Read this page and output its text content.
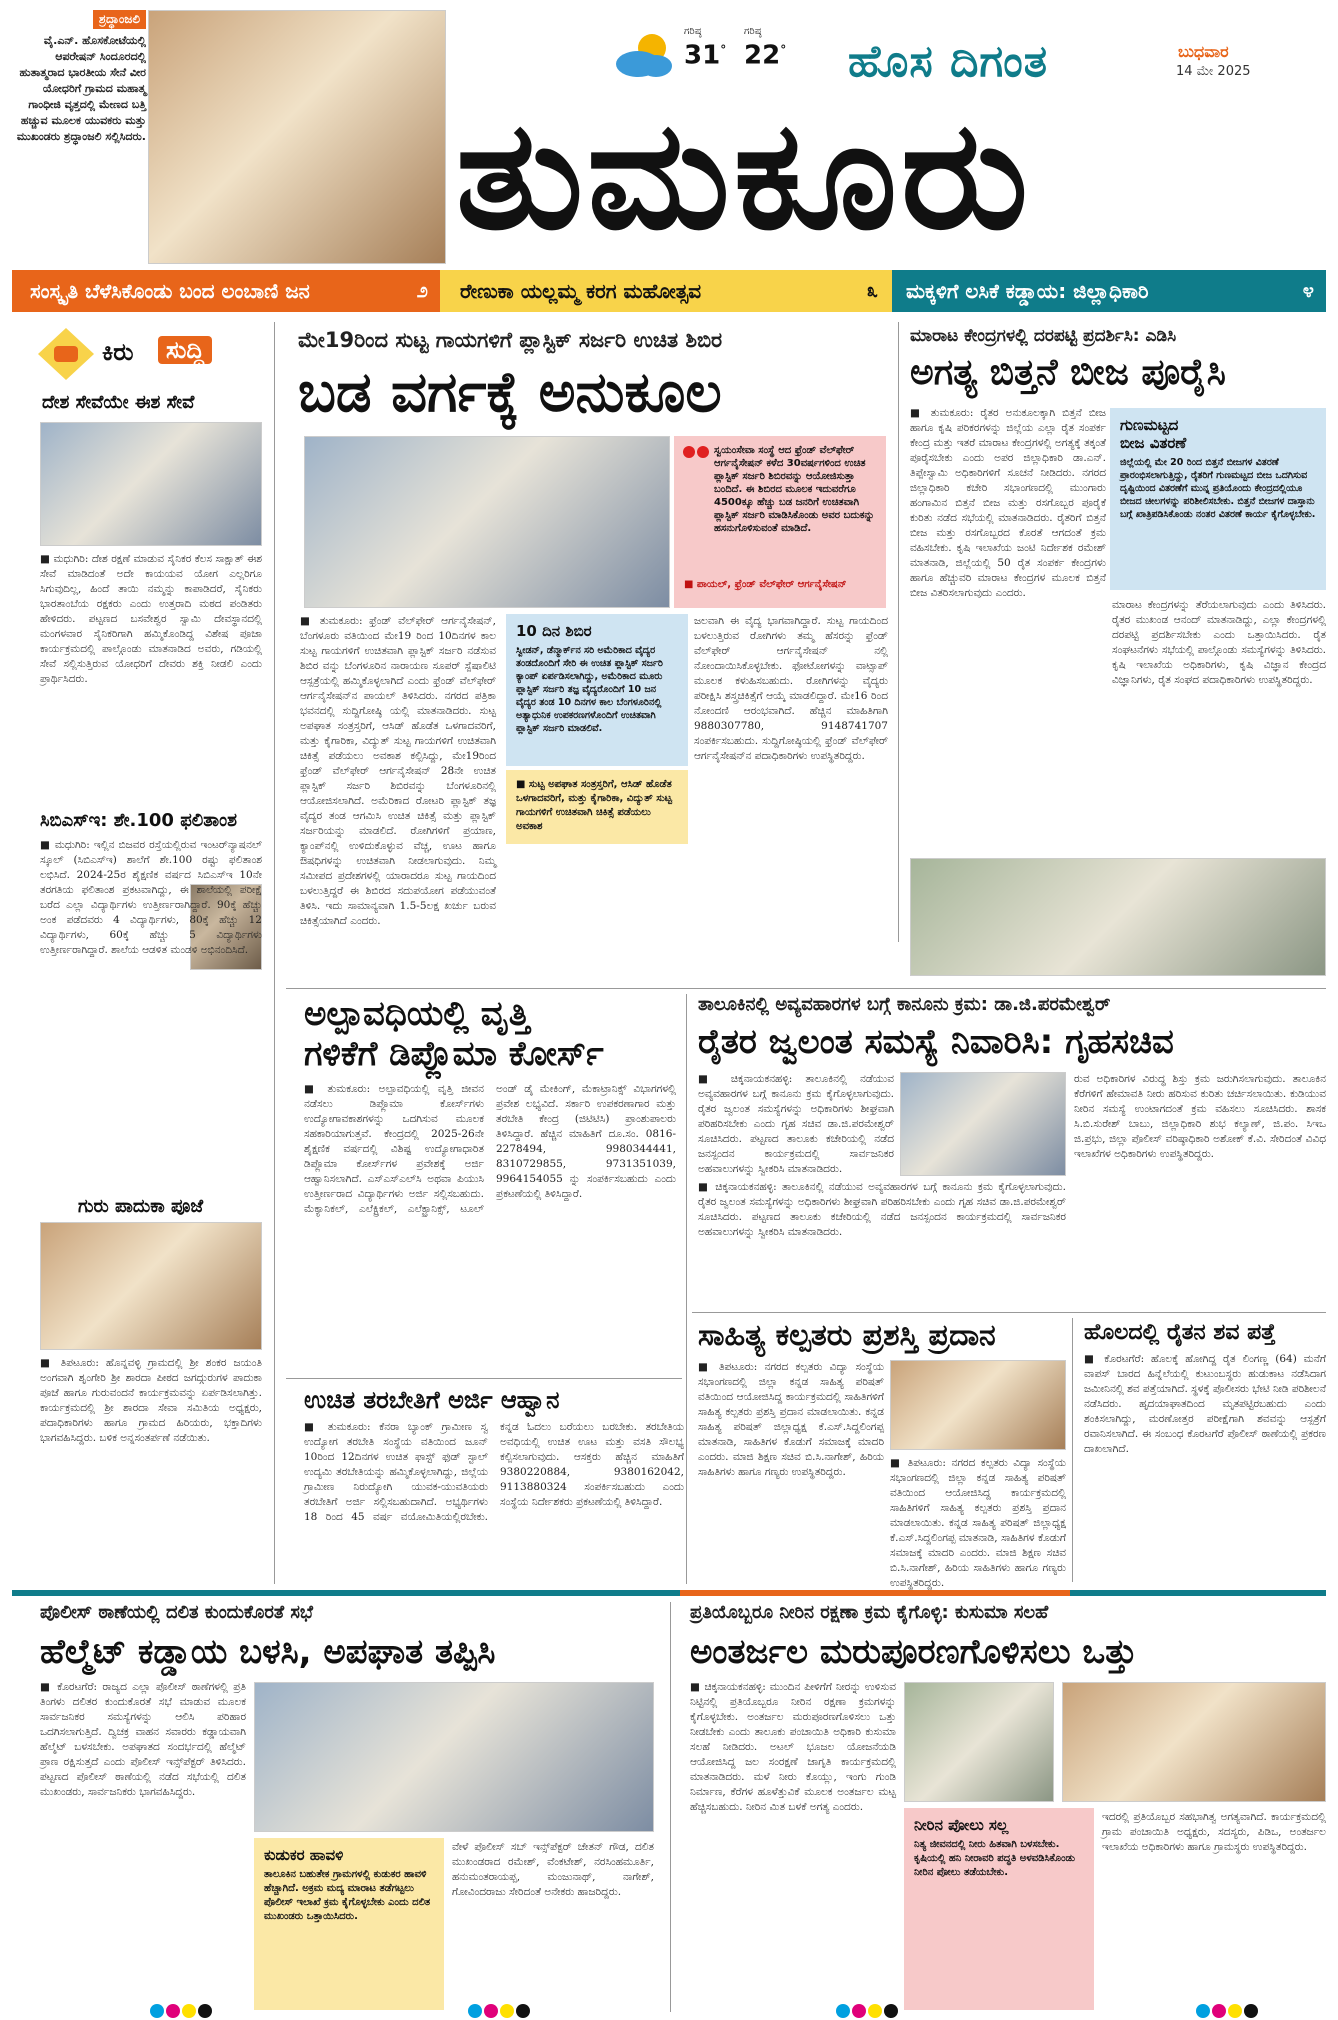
ಶ್ರದ್ಧಾಂಜಲಿ
ವೈ.ಎನ್. ಹೊಸಕೋಟೆಯಲ್ಲಿ ಆಪರೇಷನ್ ಸಿಂದೂರದಲ್ಲಿ ಹುತಾತ್ಮರಾದ ಭಾರತೀಯ ಸೇನೆ ವೀರ ಯೋಧರಿಗೆ ಗ್ರಾಮದ ಮಹಾತ್ಮ ಗಾಂಧೀಜಿ ವೃತ್ತದಲ್ಲಿ ಮೇಣದ ಬತ್ತಿ ಹಚ್ಚುವ ಮೂಲಕ ಯುವಕರು ಮತ್ತು ಮುಖಂಡರು ಶ್ರದ್ಧಾಂಜಲಿ ಸಲ್ಲಿಸಿದರು.
ಗರಿಷ್ಠ
31°
ಗರಿಷ್ಠ
22° ಹೊಸ ದಿಗಂತ	ಬುಧವಾರ
14 ಮೇ 2025
ತುಮಕೂರು
ಸಂಸ್ಕೃತಿ ಬೆಳೆಸಿಕೊಂಡು ಬಂದ ಲಂಬಾಣಿ ಜನ	೨ ರೇಣುಕಾ ಯಲ್ಲಮ್ಮ ಕರಗ ಮಹೋತ್ಸವ	೩ ಮಕ್ಕಳಿಗೆ ಲಸಿಕೆ ಕಡ್ಡಾಯ: ಜಿಲ್ಲಾಧಿಕಾರಿ	೪
ಕಿರು	ಸುದ್ದಿ
ದೇಶ ಸೇವೆಯೇ ಈಶ ಸೇವೆ
■ ಮಧುಗಿರಿ: ದೇಶ ರಕ್ಷಣೆ ಮಾಡುವ ಸೈನಿಕರ ಕೆಲಸ ಸಾಕ್ಷಾತ್ ಈಶ ಸೇವೆ ಮಾಡಿದಂತೆ ಅದೇ ಕಾಯಯವ ಯೋಗ ಎಲ್ಲರಿಗೂ ಸಿಗುವುದಿಲ್ಲ, ಹಿಂದೆ ತಾಯಿ ನಮ್ಮನ್ನು ಕಾಪಾಡಿದರೆ, ಸೈನಿಕರು ಭಾರತಾಂಬೆಯ ರಕ್ಷಕರು ಎಂದು ಉತ್ತರಾದಿ ಮಠದ ಪಂಡಿತರು ಹೇಳಿದರು. ಪಟ್ಟಣದ ಬಸವೇಶ್ವರ ಸ್ವಾಮಿ ದೇವಸ್ಥಾನದಲ್ಲಿ ಮಂಗಳವಾರ ಸೈನಿಕರಿಗಾಗಿ ಹಮ್ಮಿಕೊಂಡಿದ್ದ ವಿಶೇಷ ಪೂಜಾ ಕಾರ್ಯಕ್ರಮದಲ್ಲಿ ಪಾಲ್ಗೊಂಡು ಮಾತನಾಡಿದ ಅವರು, ಗಡಿಯಲ್ಲಿ ಸೇವೆ ಸಲ್ಲಿಸುತ್ತಿರುವ ಯೋಧರಿಗೆ ದೇವರು ಶಕ್ತಿ ನೀಡಲಿ ಎಂದು ಪ್ರಾರ್ಥಿಸಿದರು.
ಸಿಬಿಎಸ್ಇ: ಶೇ.100 ಫಲಿತಾಂಶ
■ ಮಧುಗಿರಿ: ಇಲ್ಲಿನ ಬಿಜವರ ರಸ್ತೆಯಲ್ಲಿರುವ ಇಂಟರ್‌ನ್ಯಾಷನಲ್ ಸ್ಕೂಲ್ (ಸಿಬಿಎಸ್ಇ) ಶಾಲೆಗೆ ಶೇ.100 ರಷ್ಟು ಫಲಿತಾಂಶ ಲಭಿಸಿದೆ. 2024-25ರ ಶೈಕ್ಷಣಿಕ ವರ್ಷದ ಸಿಬಿಎಸ್ಇ 10ನೇ ತರಗತಿಯ ಫಲಿತಾಂಶ ಪ್ರಕಟವಾಗಿದ್ದು, ಈ ಶಾಲೆಯಲ್ಲಿ ಪರೀಕ್ಷೆ ಬರೆದ ಎಲ್ಲಾ ವಿದ್ಯಾರ್ಥಿಗಳು ಉತ್ತೀರ್ಣರಾಗಿದ್ದಾರೆ. 90ಕ್ಕೆ ಹೆಚ್ಚು ಅಂಕ ಪಡೆದವರು 4 ವಿದ್ಯಾರ್ಥಿಗಳು, 80ಕ್ಕೆ ಹೆಚ್ಚು 12 ವಿದ್ಯಾರ್ಥಿಗಳು, 60ಕ್ಕೆ ಹೆಚ್ಚು 5 ವಿದ್ಯಾರ್ಥಿಗಳು ಉತ್ತೀರ್ಣರಾಗಿದ್ದಾರೆ. ಶಾಲೆಯ ಆಡಳಿತ ಮಂಡಳಿ ಅಭಿನಂದಿಸಿದೆ.
ಗುರು ಪಾದುಕಾ ಪೂಜೆ
■ ತಿಪಟೂರು: ಹೊನ್ನವಳ್ಳಿ ಗ್ರಾಮದಲ್ಲಿ ಶ್ರೀ ಶಂಕರ ಜಯಂತಿ ಅಂಗವಾಗಿ ಶೃಂಗೇರಿ ಶ್ರೀ ಶಾರದಾ ಪೀಠದ ಜಗದ್ಗುರುಗಳ ಪಾದುಕಾ ಪೂಜೆ ಹಾಗೂ ಗುರುವಂದನೆ ಕಾರ್ಯಕ್ರಮವನ್ನು ಏರ್ಪಡಿಸಲಾಗಿತ್ತು. ಕಾರ್ಯಕ್ರಮದಲ್ಲಿ ಶ್ರೀ ಶಾರದಾ ಸೇವಾ ಸಮಿತಿಯ ಅಧ್ಯಕ್ಷರು, ಪದಾಧಿಕಾರಿಗಳು ಹಾಗೂ ಗ್ರಾಮದ ಹಿರಿಯರು, ಭಕ್ತಾದಿಗಳು ಭಾಗವಹಿಸಿದ್ದರು. ಬಳಿಕ ಅನ್ನಸಂತರ್ಪಣೆ ನಡೆಯಿತು.
ಮೇ19ರಿಂದ ಸುಟ್ಟ ಗಾಯಗಳಿಗೆ ಪ್ಲಾಸ್ಟಿಕ್ ಸರ್ಜರಿ ಉಚಿತ ಶಿಬಿರ
ಬಡ ವರ್ಗಕ್ಕೆ ಅನುಕೂಲ
ಸ್ವಯಂಸೇವಾ ಸಂಸ್ಥೆ ಆದ ಫ್ರೆಂಡ್ ವೆಲ್‌ಫೇರ್ ಆರ್ಗನೈಸೇಷನ್ ಕಳೆದ 30ವರ್ಷಗಳಿಂದ ಉಚಿತ ಪ್ಲಾಸ್ಟಿಕ್ ಸರ್ಜರಿ ಶಿಬಿರವನ್ನು ಆಯೋಜಿಸುತ್ತಾ ಬಂದಿದೆ. ಈ ಶಿಬಿರದ ಮೂಲಕ ಇದುವರೆಗೂ 4500ಕ್ಕೂ ಹೆಚ್ಚು ಬಡ ಜನರಿಗೆ ಉಚಿತವಾಗಿ ಪ್ಲಾಸ್ಟಿಕ್ ಸರ್ಜರಿ ಮಾಡಿಸಿಕೊಂಡು ಅವರ ಬದುಕನ್ನು ಹಸನುಗೊಳಿಸುವಂತೆ ಮಾಡಿದೆ.
■ ಪಾಯಲ್, ಫ್ರೆಂಡ್ ವೆಲ್‌ಫೇರ್ ಆರ್ಗನೈಸೇಷನ್
■ ತುಮಕೂರು: ಫ್ರೆಂಡ್ ವೆಲ್‌ಫೇರ್ ಆರ್ಗನೈಸೇಷನ್, ಬೆಂಗಳೂರು ವತಿಯಿಂದ ಮೇ19 ರಿಂದ 10ದಿನಗಳ ಕಾಲ ಸುಟ್ಟ ಗಾಯಗಳಿಗೆ ಉಚಿತವಾಗಿ ಪ್ಲಾಸ್ಟಿಕ್ ಸರ್ಜರಿ ನಡೆಸುವ ಶಿಬಿರ ವನ್ನು ಬೆಂಗಳೂರಿನ ನಾರಾಯಣ ಸೂಪರ್ ಸ್ಪೆಷಾಲಿಟಿ ಆಸ್ಪತ್ರೆಯಲ್ಲಿ ಹಮ್ಮಿಕೊಳ್ಳಲಾಗಿದೆ ಎಂದು ಫ್ರೆಂಡ್ ವೆಲ್‌ಫೇರ್ ಆರ್ಗನೈಸೇಷನ್‌ನ ಪಾಯಲ್ ತಿಳಿಸಿದರು. ನಗರದ ಪತ್ರಿಕಾ ಭವನದಲ್ಲಿ ಸುದ್ದಿಗೋಷ್ಠಿ ಯಲ್ಲಿ ಮಾತನಾಡಿದರು. ಸುಟ್ಟ ಅಪಘಾತ ಸಂತ್ರಸ್ತರಿಗೆ, ಆಸಿಡ್ ಹೊಡೆತ ಒಳಗಾದವರಿಗೆ, ಮತ್ತು ಕೈಗಾರಿಕಾ, ವಿದ್ಯುತ್ ಸುಟ್ಟ ಗಾಯಗಳಿಗೆ ಉಚಿತವಾಗಿ ಚಿಕಿತ್ಸೆ ಪಡೆಯಲು ಅವಕಾಶ ಕಲ್ಪಿಸಿದ್ದು, ಮೇ19ರಿಂದ ಫ್ರೆಂಡ್ ವೆಲ್‌ಫೇರ್ ಆರ್ಗನೈಸೇಷನ್ 28ನೇ ಉಚಿತ ಪ್ಲಾಸ್ಟಿಕ್ ಸರ್ಜರಿ ಶಿಬಿರವನ್ನು ಬೆಂಗಳೂರಿನಲ್ಲಿ ಆಯೋಜಿಸಲಾಗಿದೆ. ಅಮೆರಿಕಾದ ರೋಟರಿ ಪ್ಲಾಸ್ಟಿಕ್ ತಜ್ಞ ವೈದ್ಯರ ತಂಡ ಆಗಮಿಸಿ ಉಚಿತ ಚಿಕಿತ್ಸೆ ಮತ್ತು ಪ್ಲಾಸ್ಟಿಕ್ ಸರ್ಜರಿಯನ್ನು ಮಾಡಲಿದೆ. ರೋಗಿಗಳಿಗೆ ಪ್ರಯಾಣ, ಕ್ಯಾಂಪ್‌ನಲ್ಲಿ ಉಳಿದುಕೊಳ್ಳುವ ವೆಚ್ಚ, ಊಟ ಹಾಗೂ ಔಷಧಿಗಳನ್ನು ಉಚಿತವಾಗಿ ನೀಡಲಾಗುವುದು. ನಿಮ್ಮ ಸಮೀಪದ ಪ್ರದೇಶಗಳಲ್ಲಿ ಯಾರಾದರೂ ಸುಟ್ಟ ಗಾಯದಿಂದ ಬಳಲುತ್ತಿದ್ದರೆ ಈ ಶಿಬಿರದ ಸದುಪಯೋಗ ಪಡೆಯುವಂತೆ ತಿಳಿಸಿ. ಇದು ಸಾಮಾನ್ಯವಾಗಿ 1.5-5ಲಕ್ಷ ಖರ್ಚು ಬರುವ ಚಿಕಿತ್ಸೆಯಾಗಿದೆ ಎಂದರು.
10 ದಿನ ಶಿಬಿರ
ಸ್ವೀಡನ್, ಡೆನ್ಮಾರ್ಕ್‌ನ ಸರಿ ಅಮೆರಿಕಾದ ವೈದ್ಯರ ತಂಡದೊಂದಿಗೆ ಸೇರಿ ಈ ಉಚಿತ ಪ್ಲಾಸ್ಟಿಕ್ ಸರ್ಜರಿ ಕ್ಯಾಂಪ್ ಏರ್ಪಡಿಸಲಾಗಿದ್ದು, ಅಮೆರಿಕಾದ ಮೂರು ಪ್ಲಾಸ್ಟಿಕ್ ಸರ್ಜರಿ ತಜ್ಞ ವೈದ್ಯರೊಂದಿಗೆ 10 ಜನ ವೈದ್ಯರ ತಂಡ 10 ದಿನಗಳ ಕಾಲ ಬೆಂಗಳೂರಿನಲ್ಲಿ ಅತ್ಯಾಧುನಿಕ ಉಪಕರಣಗಳೊಂದಿಗೆ ಉಚಿತವಾಗಿ ಪ್ಲಾಸ್ಟಿಕ್ ಸರ್ಜರಿ ಮಾಡಲಿವೆ.
■ ಸುಟ್ಟ ಅಪಘಾತ ಸಂತ್ರಸ್ತರಿಗೆ, ಆಸಿಡ್ ಹೊಡೆತ ಒಳಗಾದವರಿಗೆ, ಮತ್ತು ಕೈಗಾರಿಕಾ, ವಿದ್ಯುತ್ ಸುಟ್ಟ ಗಾಯಗಳಿಗೆ ಉಚಿತವಾಗಿ ಚಿಕಿತ್ಸೆ ಪಡೆಯಲು ಅವಕಾಶ
ಜಲವಾಗಿ ಈ ವೈದ್ಯ ಭಾಗವಾಗಿದ್ದಾರೆ. ಸುಟ್ಟ ಗಾಯದಿಂದ ಬಳಲುತ್ತಿರುವ ರೋಗಿಗಳು ತಮ್ಮ ಹೆಸರನ್ನು ಫ್ರೆಂಡ್ ವೆಲ್‌ಫೇರ್ ಆರ್ಗನೈಸೇಷನ್ ನಲ್ಲಿ ನೋಂದಾಯಿಸಿಕೊಳ್ಳಬೇಕು. ಫೋಟೋಗಳನ್ನು ವಾಟ್ಸಾಪ್ ಮೂಲಕ ಕಳುಹಿಸಬಹುದು. ರೋಗಿಗಳನ್ನು ವೈದ್ಯರು ಪರೀಕ್ಷಿಸಿ ಶಸ್ತ್ರಚಿಕಿತ್ಸೆಗೆ ಆಯ್ಕೆ ಮಾಡಲಿದ್ದಾರೆ. ಮೇ16 ರಿಂದ ನೋಂದಣಿ ಆರಂಭವಾಗಿದೆ. ಹೆಚ್ಚಿನ ಮಾಹಿತಿಗಾಗಿ 9880307780, 9148741707 ಸಂಪರ್ಕಿಸಬಹುದು. ಸುದ್ದಿಗೋಷ್ಠಿಯಲ್ಲಿ ಫ್ರೆಂಡ್ ವೆಲ್‌ಫೇರ್ ಆರ್ಗನೈಸೇಷನ್‌ನ ಪದಾಧಿಕಾರಿಗಳು ಉಪಸ್ಥಿತರಿದ್ದರು.
ಮಾರಾಟ ಕೇಂದ್ರಗಳಲ್ಲಿ ದರಪಟ್ಟಿ ಪ್ರದರ್ಶಿಸಿ: ಎಡಿಸಿ
ಅಗತ್ಯ ಬಿತ್ತನೆ ಬೀಜ ಪೂರೈಸಿ
■ ತುಮಕೂರು: ರೈತರ ಅನುಕೂಲಕ್ಕಾಗಿ ಬಿತ್ತನೆ ಬೀಜ ಹಾಗೂ ಕೃಷಿ ಪರಿಕರಗಳನ್ನು ಜಿಲ್ಲೆಯ ಎಲ್ಲಾ ರೈತ ಸಂಪರ್ಕ ಕೇಂದ್ರ ಮತ್ತು ಇತರೆ ಮಾರಾಟ ಕೇಂದ್ರಗಳಲ್ಲಿ ಅಗತ್ಯಕ್ಕೆ ತಕ್ಕಂತೆ ಪೂರೈಸಬೇಕು ಎಂದು ಅಪರ ಜಿಲ್ಲಾಧಿಕಾರಿ ಡಾ.ಎನ್. ತಿಪ್ಪೇಸ್ವಾಮಿ ಅಧಿಕಾರಿಗಳಿಗೆ ಸೂಚನೆ ನೀಡಿದರು. ನಗರದ ಜಿಲ್ಲಾಧಿಕಾರಿ ಕಚೇರಿ ಸಭಾಂಗಣದಲ್ಲಿ ಮುಂಗಾರು ಹಂಗಾಮಿನ ಬಿತ್ತನೆ ಬೀಜ ಮತ್ತು ರಸಗೊಬ್ಬರ ಪೂರೈಕೆ ಕುರಿತು ನಡೆದ ಸಭೆಯಲ್ಲಿ ಮಾತನಾಡಿದರು. ರೈತರಿಗೆ ಬಿತ್ತನೆ ಬೀಜ ಮತ್ತು ರಸಗೊಬ್ಬರದ ಕೊರತೆ ಆಗದಂತೆ ಕ್ರಮ ವಹಿಸಬೇಕು. ಕೃಷಿ ಇಲಾಖೆಯ ಜಂಟಿ ನಿರ್ದೇಶಕ ರಮೇಶ್ ಮಾತನಾಡಿ, ಜಿಲ್ಲೆಯಲ್ಲಿ 50 ರೈತ ಸಂಪರ್ಕ ಕೇಂದ್ರಗಳು ಹಾಗೂ ಹೆಚ್ಚುವರಿ ಮಾರಾಟ ಕೇಂದ್ರಗಳ ಮೂಲಕ ಬಿತ್ತನೆ ಬೀಜ ವಿತರಿಸಲಾಗುವುದು ಎಂದರು.
ಗುಣಮಟ್ಟದ
ಬೀಜ ವಿತರಣೆ
ಜಿಲ್ಲೆಯಲ್ಲಿ ಮೇ 20 ರಿಂದ ಬಿತ್ತನೆ ಬೀಜಗಳ ವಿತರಣೆ ಪ್ರಾರಂಭಿಸಲಾಗುತ್ತಿದ್ದು, ರೈತರಿಗೆ ಗುಣಮಟ್ಟದ ಬೀಜ ಒದಗಿಸುವ ದೃಷ್ಟಿಯಿಂದ ವಿತರಣೆಗೆ ಮುನ್ನ ಪ್ರತಿಯೊಂದು ಕೇಂದ್ರದಲ್ಲಿಯೂ ಬೀಜದ ಚೀಲಗಳನ್ನು ಪರಿಶೀಲಿಸಬೇಕು. ಬಿತ್ತನೆ ಬೀಜಗಳ ದಾಸ್ತಾನು ಬಗ್ಗೆ ಖಾತ್ರಿಪಡಿಸಿಕೊಂಡು ನಂತರ ವಿತರಣೆ ಕಾರ್ಯ ಕೈಗೊಳ್ಳಬೇಕು.
ಮಾರಾಟ ಕೇಂದ್ರಗಳನ್ನು ತೆರೆಯಲಾಗುವುದು ಎಂದು ತಿಳಿಸಿದರು. ರೈತರ ಮುಖಂಡ ಆನಂದ್ ಮಾತನಾಡಿದ್ದು, ಎಲ್ಲಾ ಕೇಂದ್ರಗಳಲ್ಲಿ ದರಪಟ್ಟಿ ಪ್ರದರ್ಶಿಸಬೇಕು ಎಂದು ಒತ್ತಾಯಿಸಿದರು. ರೈತ ಸಂಘಟನೆಗಳು ಸಭೆಯಲ್ಲಿ ಪಾಲ್ಗೊಂಡು ಸಮಸ್ಯೆಗಳನ್ನು ತಿಳಿಸಿದರು. ಕೃಷಿ ಇಲಾಖೆಯ ಅಧಿಕಾರಿಗಳು, ಕೃಷಿ ವಿಜ್ಞಾನ ಕೇಂದ್ರದ ವಿಜ್ಞಾನಿಗಳು, ರೈತ ಸಂಘದ ಪದಾಧಿಕಾರಿಗಳು ಉಪಸ್ಥಿತರಿದ್ದರು.
ಅಲ್ಪಾವಧಿಯಲ್ಲಿ ವೃತ್ತಿ
ಗಳಿಕೆಗೆ ಡಿಪ್ಲೊಮಾ ಕೋರ್ಸ್
■ ತುಮಕೂರು: ಅಲ್ಪಾವಧಿಯಲ್ಲಿ ವೃತ್ತಿ ಜೀವನ ನಡೆಸಲು ಡಿಪ್ಲೊಮಾ ಕೋರ್ಸ್‌ಗಳು ಉದ್ಯೋಗಾವಕಾಶಗಳನ್ನು ಒದಗಿಸುವ ಮೂಲಕ ಸಹಕಾರಿಯಾಗುತ್ತವೆ. ಕೇಂದ್ರದಲ್ಲಿ 2025-26ನೇ ಶೈಕ್ಷಣಿಕ ವರ್ಷದಲ್ಲಿ ವಿಶಿಷ್ಟ ಉದ್ಯೋಗಾಧಾರಿತ ಡಿಪ್ಲೊಮಾ ಕೋರ್ಸ್‌ಗಳ ಪ್ರವೇಶಕ್ಕೆ ಅರ್ಜಿ ಆಹ್ವಾನಿಸಲಾಗಿದೆ. ಎಸ್ಎಸ್ಎಲ್‌ಸಿ ಅಥವಾ ಪಿಯುಸಿ ಉತ್ತೀರ್ಣರಾದ ವಿದ್ಯಾರ್ಥಿಗಳು ಅರ್ಜಿ ಸಲ್ಲಿಸಬಹುದು. ಮೆಕ್ಯಾನಿಕಲ್, ಎಲೆಕ್ಟ್ರಿಕಲ್, ಎಲೆಕ್ಟ್ರಾನಿಕ್ಸ್, ಟೂಲ್ ಅಂಡ್ ಡೈ ಮೇಕಿಂಗ್, ಮೆಕಾಟ್ರಾನಿಕ್ಸ್ ವಿಭಾಗಗಳಲ್ಲಿ ಪ್ರವೇಶ ಲಭ್ಯವಿದೆ. ಸರ್ಕಾರಿ ಉಪಕರಣಾಗಾರ ಮತ್ತು ತರಬೇತಿ ಕೇಂದ್ರ (ಜಿಟಿಟಿಸಿ) ಪ್ರಾಂಶುಪಾಲರು ತಿಳಿಸಿದ್ದಾರೆ. ಹೆಚ್ಚಿನ ಮಾಹಿತಿಗೆ ದೂ.ಸಂ. 0816-2278494, 9980344441, 8310729855, 9731351039, 9964154055 ನ್ನು ಸಂಪರ್ಕಿಸಬಹುದು ಎಂದು ಪ್ರಕಟಣೆಯಲ್ಲಿ ತಿಳಿಸಿದ್ದಾರೆ.
ಉಚಿತ ತರಬೇತಿಗೆ ಅರ್ಜಿ ಆಹ್ವಾನ
■ ತುಮಕೂರು: ಕೆನರಾ ಬ್ಯಾಂಕ್ ಗ್ರಾಮೀಣ ಸ್ವ ಉದ್ಯೋಗ ತರಬೇತಿ ಸಂಸ್ಥೆಯ ವತಿಯಿಂದ ಜೂನ್ 10ರಿಂದ 12ದಿನಗಳ ಉಚಿತ ಫಾಸ್ಟ್ ಫುಡ್ ಸ್ಟಾಲ್ ಉದ್ಯಮಿ ತರಬೇತಿಯನ್ನು ಹಮ್ಮಿಕೊಳ್ಳಲಾಗಿದ್ದು, ಜಿಲ್ಲೆಯ ಗ್ರಾಮೀಣ ನಿರುದ್ಯೋಗಿ ಯುವಕ-ಯುವತಿಯರು ತರಬೇತಿಗೆ ಅರ್ಜಿ ಸಲ್ಲಿಸಬಹುದಾಗಿದೆ. ಅಭ್ಯರ್ಥಿಗಳು 18 ರಿಂದ 45 ವರ್ಷ ವಯೋಮಿತಿಯಲ್ಲಿರಬೇಕು. ಕನ್ನಡ ಓದಲು ಬರೆಯಲು ಬರಬೇಕು. ತರಬೇತಿಯ ಅವಧಿಯಲ್ಲಿ ಉಚಿತ ಊಟ ಮತ್ತು ವಸತಿ ಸೌಲಭ್ಯ ಕಲ್ಪಿಸಲಾಗುವುದು. ಆಸಕ್ತರು ಹೆಚ್ಚಿನ ಮಾಹಿತಿಗೆ 9380220884, 9380162042, 9113880324 ಸಂಪರ್ಕಿಸಬಹುದು ಎಂದು ಸಂಸ್ಥೆಯ ನಿರ್ದೇಶಕರು ಪ್ರಕಟಣೆಯಲ್ಲಿ ತಿಳಿಸಿದ್ದಾರೆ.
ತಾಲೂಕಿನಲ್ಲಿ ಅವ್ಯವಹಾರಗಳ ಬಗ್ಗೆ ಕಾನೂನು ಕ್ರಮ: ಡಾ.ಜಿ.ಪರಮೇಶ್ವರ್
ರೈತರ ಜ್ವಲಂತ ಸಮಸ್ಯೆ ನಿವಾರಿಸಿ: ಗೃಹಸಚಿವ
■ ಚಿಕ್ಕನಾಯಕನಹಳ್ಳಿ: ತಾಲೂಕಿನಲ್ಲಿ ನಡೆಯುವ ಅವ್ಯವಹಾರಗಳ ಬಗ್ಗೆ ಕಾನೂನು ಕ್ರಮ ಕೈಗೊಳ್ಳಲಾಗುವುದು. ರೈತರ ಜ್ವಲಂತ ಸಮಸ್ಯೆಗಳನ್ನು ಅಧಿಕಾರಿಗಳು ಶೀಘ್ರವಾಗಿ ಪರಿಹರಿಸಬೇಕು ಎಂದು ಗೃಹ ಸಚಿವ ಡಾ.ಜಿ.ಪರಮೇಶ್ವರ್ ಸೂಚಿಸಿದರು. ಪಟ್ಟಣದ ತಾಲೂಕು ಕಚೇರಿಯಲ್ಲಿ ನಡೆದ ಜನಸ್ಪಂದನ ಕಾರ್ಯಕ್ರಮದಲ್ಲಿ ಸಾರ್ವಜನಿಕರ ಅಹವಾಲುಗಳನ್ನು ಸ್ವೀಕರಿಸಿ ಮಾತನಾಡಿದರು.
■ ಚಿಕ್ಕನಾಯಕನಹಳ್ಳಿ: ತಾಲೂಕಿನಲ್ಲಿ ನಡೆಯುವ ಅವ್ಯವಹಾರಗಳ ಬಗ್ಗೆ ಕಾನೂನು ಕ್ರಮ ಕೈಗೊಳ್ಳಲಾಗುವುದು. ರೈತರ ಜ್ವಲಂತ ಸಮಸ್ಯೆಗಳನ್ನು ಅಧಿಕಾರಿಗಳು ಶೀಘ್ರವಾಗಿ ಪರಿಹರಿಸಬೇಕು ಎಂದು ಗೃಹ ಸಚಿವ ಡಾ.ಜಿ.ಪರಮೇಶ್ವರ್ ಸೂಚಿಸಿದರು. ಪಟ್ಟಣದ ತಾಲೂಕು ಕಚೇರಿಯಲ್ಲಿ ನಡೆದ ಜನಸ್ಪಂದನ ಕಾರ್ಯಕ್ರಮದಲ್ಲಿ ಸಾರ್ವಜನಿಕರ ಅಹವಾಲುಗಳನ್ನು ಸ್ವೀಕರಿಸಿ ಮಾತನಾಡಿದರು.
ರುವ ಅಧಿಕಾರಿಗಳ ವಿರುದ್ಧ ಶಿಸ್ತು ಕ್ರಮ ಜರುಗಿಸಲಾಗುವುದು. ತಾಲೂಕಿನ ಕೆರೆಗಳಿಗೆ ಹೇಮಾವತಿ ನೀರು ಹರಿಸುವ ಕುರಿತು ಚರ್ಚಿಸಲಾಯಿತು. ಕುಡಿಯುವ ನೀರಿನ ಸಮಸ್ಯೆ ಉಂಟಾಗದಂತೆ ಕ್ರಮ ವಹಿಸಲು ಸೂಚಿಸಿದರು. ಶಾಸಕ ಸಿ.ಬಿ.ಸುರೇಶ್ ಬಾಬು, ಜಿಲ್ಲಾಧಿಕಾರಿ ಶುಭ ಕಲ್ಯಾಣ್, ಜಿ.ಪಂ. ಸಿಇಒ ಜಿ.ಪ್ರಭು, ಜಿಲ್ಲಾ ಪೊಲೀಸ್ ವರಿಷ್ಠಾಧಿಕಾರಿ ಅಶೋಕ್ ಕೆ.ವಿ. ಸೇರಿದಂತೆ ವಿವಿಧ ಇಲಾಖೆಗಳ ಅಧಿಕಾರಿಗಳು ಉಪಸ್ಥಿತರಿದ್ದರು.
ಸಾಹಿತ್ಯ ಕಲ್ಪತರು ಪ್ರಶಸ್ತಿ ಪ್ರದಾನ
■ ತಿಪಟೂರು: ನಗರದ ಕಲ್ಪತರು ವಿದ್ಯಾ ಸಂಸ್ಥೆಯ ಸಭಾಂಗಣದಲ್ಲಿ ಜಿಲ್ಲಾ ಕನ್ನಡ ಸಾಹಿತ್ಯ ಪರಿಷತ್ ವತಿಯಿಂದ ಆಯೋಜಿಸಿದ್ದ ಕಾರ್ಯಕ್ರಮದಲ್ಲಿ ಸಾಹಿತಿಗಳಿಗೆ ಸಾಹಿತ್ಯ ಕಲ್ಪತರು ಪ್ರಶಸ್ತಿ ಪ್ರದಾನ ಮಾಡಲಾಯಿತು. ಕನ್ನಡ ಸಾಹಿತ್ಯ ಪರಿಷತ್ ಜಿಲ್ಲಾಧ್ಯಕ್ಷ ಕೆ.ಎಸ್.ಸಿದ್ದಲಿಂಗಪ್ಪ ಮಾತನಾಡಿ, ಸಾಹಿತಿಗಳ ಕೊಡುಗೆ ಸಮಾಜಕ್ಕೆ ಮಾದರಿ ಎಂದರು. ಮಾಜಿ ಶಿಕ್ಷಣ ಸಚಿವ ಬಿ.ಸಿ.ನಾಗೇಶ್, ಹಿರಿಯ ಸಾಹಿತಿಗಳು ಹಾಗೂ ಗಣ್ಯರು ಉಪಸ್ಥಿತರಿದ್ದರು.
■ ತಿಪಟೂರು: ನಗರದ ಕಲ್ಪತರು ವಿದ್ಯಾ ಸಂಸ್ಥೆಯ ಸಭಾಂಗಣದಲ್ಲಿ ಜಿಲ್ಲಾ ಕನ್ನಡ ಸಾಹಿತ್ಯ ಪರಿಷತ್ ವತಿಯಿಂದ ಆಯೋಜಿಸಿದ್ದ ಕಾರ್ಯಕ್ರಮದಲ್ಲಿ ಸಾಹಿತಿಗಳಿಗೆ ಸಾಹಿತ್ಯ ಕಲ್ಪತರು ಪ್ರಶಸ್ತಿ ಪ್ರದಾನ ಮಾಡಲಾಯಿತು. ಕನ್ನಡ ಸಾಹಿತ್ಯ ಪರಿಷತ್ ಜಿಲ್ಲಾಧ್ಯಕ್ಷ ಕೆ.ಎಸ್.ಸಿದ್ದಲಿಂಗಪ್ಪ ಮಾತನಾಡಿ, ಸಾಹಿತಿಗಳ ಕೊಡುಗೆ ಸಮಾಜಕ್ಕೆ ಮಾದರಿ ಎಂದರು. ಮಾಜಿ ಶಿಕ್ಷಣ ಸಚಿವ ಬಿ.ಸಿ.ನಾಗೇಶ್, ಹಿರಿಯ ಸಾಹಿತಿಗಳು ಹಾಗೂ ಗಣ್ಯರು ಉಪಸ್ಥಿತರಿದ್ದರು.
ಹೊಲದಲ್ಲಿ ರೈತನ ಶವ ಪತ್ತೆ
■ ಕೊರಟಗೆರೆ: ಹೊಲಕ್ಕೆ ಹೋಗಿದ್ದ ರೈತ ಲಿಂಗಣ್ಣ (64) ಮನೆಗೆ ವಾಪಸ್ ಬಾರದ ಹಿನ್ನೆಲೆಯಲ್ಲಿ ಕುಟುಂಬಸ್ಥರು ಹುಡುಕಾಟ ನಡೆಸಿದಾಗ ಜಮೀನಿನಲ್ಲಿ ಶವ ಪತ್ತೆಯಾಗಿದೆ. ಸ್ಥಳಕ್ಕೆ ಪೊಲೀಸರು ಭೇಟಿ ನೀಡಿ ಪರಿಶೀಲನೆ ನಡೆಸಿದರು. ಹೃದಯಾಘಾತದಿಂದ ಮೃತಪಟ್ಟಿರಬಹುದು ಎಂದು ಶಂಕಿಸಲಾಗಿದ್ದು, ಮರಣೋತ್ತರ ಪರೀಕ್ಷೆಗಾಗಿ ಶವವನ್ನು ಆಸ್ಪತ್ರೆಗೆ ರವಾನಿಸಲಾಗಿದೆ. ಈ ಸಂಬಂಧ ಕೊರಟಗೆರೆ ಪೊಲೀಸ್ ಠಾಣೆಯಲ್ಲಿ ಪ್ರಕರಣ ದಾಖಲಾಗಿದೆ.
ಪೊಲೀಸ್ ಠಾಣೆಯಲ್ಲಿ ದಲಿತ ಕುಂದುಕೊರತೆ ಸಭೆ
ಹೆಲ್ಮೆಟ್ ಕಡ್ಡಾಯ ಬಳಸಿ, ಅಪಘಾತ ತಪ್ಪಿಸಿ
■ ಕೊರಟಗೆರೆ: ರಾಜ್ಯದ ಎಲ್ಲಾ ಪೊಲೀಸ್ ಠಾಣೆಗಳಲ್ಲಿ ಪ್ರತಿ ತಿಂಗಳು ದಲಿತರ ಕುಂದುಕೊರತೆ ಸಭೆ ಮಾಡುವ ಮೂಲಕ ಸಾರ್ವಜನಿಕರ ಸಮಸ್ಯೆಗಳನ್ನು ಆಲಿಸಿ ಪರಿಹಾರ ಒದಗಿಸಲಾಗುತ್ತಿದೆ. ದ್ವಿಚಕ್ರ ವಾಹನ ಸವಾರರು ಕಡ್ಡಾಯವಾಗಿ ಹೆಲ್ಮೆಟ್ ಬಳಸಬೇಕು. ಅಪಘಾತದ ಸಂದರ್ಭದಲ್ಲಿ ಹೆಲ್ಮೆಟ್ ಪ್ರಾಣ ರಕ್ಷಿಸುತ್ತದೆ ಎಂದು ಪೊಲೀಸ್ ಇನ್ಸ್‌ಪೆಕ್ಟರ್ ತಿಳಿಸಿದರು. ಪಟ್ಟಣದ ಪೊಲೀಸ್ ಠಾಣೆಯಲ್ಲಿ ನಡೆದ ಸಭೆಯಲ್ಲಿ ದಲಿತ ಮುಖಂಡರು, ಸಾರ್ವಜನಿಕರು ಭಾಗವಹಿಸಿದ್ದರು.
ಕುಡುಕರ ಹಾವಳಿ
ತಾಲೂಕಿನ ಬಹುತೇಕ ಗ್ರಾಮಗಳಲ್ಲಿ ಕುಡುಕರ ಹಾವಳಿ ಹೆಚ್ಚಾಗಿದೆ. ಅಕ್ರಮ ಮದ್ಯ ಮಾರಾಟ ತಡೆಗಟ್ಟಲು ಪೊಲೀಸ್ ಇಲಾಖೆ ಕ್ರಮ ಕೈಗೊಳ್ಳಬೇಕು ಎಂದು ದಲಿತ ಮುಖಂಡರು ಒತ್ತಾಯಿಸಿದರು.
ವೇಳೆ ಪೊಲೀಸ್ ಸಬ್ ಇನ್ಸ್‌ಪೆಕ್ಟರ್ ಚೇತನ್ ಗೌಡ, ದಲಿತ ಮುಖಂಡರಾದ ರಮೇಶ್, ವೆಂಕಟೇಶ್, ನರಸಿಂಹಮೂರ್ತಿ, ಹನುಮಂತರಾಯಪ್ಪ, ಮಂಜುನಾಥ್, ನಾಗೇಶ್, ಗೋವಿಂದರಾಜು ಸೇರಿದಂತೆ ಅನೇಕರು ಹಾಜರಿದ್ದರು.
ಪ್ರತಿಯೊಬ್ಬರೂ ನೀರಿನ ರಕ್ಷಣಾ ಕ್ರಮ ಕೈಗೊಳ್ಳಿ: ಕುಸುಮಾ ಸಲಹೆ
ಅಂತರ್ಜಲ ಮರುಪೂರಣಗೊಳಿಸಲು ಒತ್ತು
■ ಚಿಕ್ಕನಾಯಕನಹಳ್ಳಿ: ಮುಂದಿನ ಪೀಳಿಗೆಗೆ ನೀರನ್ನು ಉಳಿಸುವ ನಿಟ್ಟಿನಲ್ಲಿ ಪ್ರತಿಯೊಬ್ಬರೂ ನೀರಿನ ರಕ್ಷಣಾ ಕ್ರಮಗಳನ್ನು ಕೈಗೊಳ್ಳಬೇಕು. ಅಂತರ್ಜಲ ಮರುಪೂರಣಗೊಳಿಸಲು ಒತ್ತು ನೀಡಬೇಕು ಎಂದು ತಾಲೂಕು ಪಂಚಾಯಿತಿ ಅಧಿಕಾರಿ ಕುಸುಮಾ ಸಲಹೆ ನೀಡಿದರು. ಅಟಲ್ ಭೂಜಲ ಯೋಜನೆಯಡಿ ಆಯೋಜಿಸಿದ್ದ ಜಲ ಸಂರಕ್ಷಣೆ ಜಾಗೃತಿ ಕಾರ್ಯಕ್ರಮದಲ್ಲಿ ಮಾತನಾಡಿದರು. ಮಳೆ ನೀರು ಕೊಯ್ಲು, ಇಂಗು ಗುಂಡಿ ನಿರ್ಮಾಣ, ಕೆರೆಗಳ ಹೂಳೆತ್ತುವಿಕೆ ಮೂಲಕ ಅಂತರ್ಜಲ ಮಟ್ಟ ಹೆಚ್ಚಿಸಬಹುದು. ನೀರಿನ ಮಿತ ಬಳಕೆ ಅಗತ್ಯ ಎಂದರು.
ನೀರಿನ ಪೋಲು ಸಲ್ಲ
ನಿತ್ಯ ಜೀವನದಲ್ಲಿ ನೀರು ಹಿತವಾಗಿ ಬಳಸಬೇಕು. ಕೃಷಿಯಲ್ಲಿ ಹನಿ ನೀರಾವರಿ ಪದ್ಧತಿ ಅಳವಡಿಸಿಕೊಂಡು ನೀರಿನ ಪೋಲು ತಡೆಯಬೇಕು.
ಇದರಲ್ಲಿ ಪ್ರತಿಯೊಬ್ಬರ ಸಹಭಾಗಿತ್ವ ಅಗತ್ಯವಾಗಿದೆ. ಕಾರ್ಯಕ್ರಮದಲ್ಲಿ ಗ್ರಾಮ ಪಂಚಾಯಿತಿ ಅಧ್ಯಕ್ಷರು, ಸದಸ್ಯರು, ಪಿಡಿಒ, ಅಂತರ್ಜಲ ಇಲಾಖೆಯ ಅಧಿಕಾರಿಗಳು ಹಾಗೂ ಗ್ರಾಮಸ್ಥರು ಉಪಸ್ಥಿತರಿದ್ದರು.
